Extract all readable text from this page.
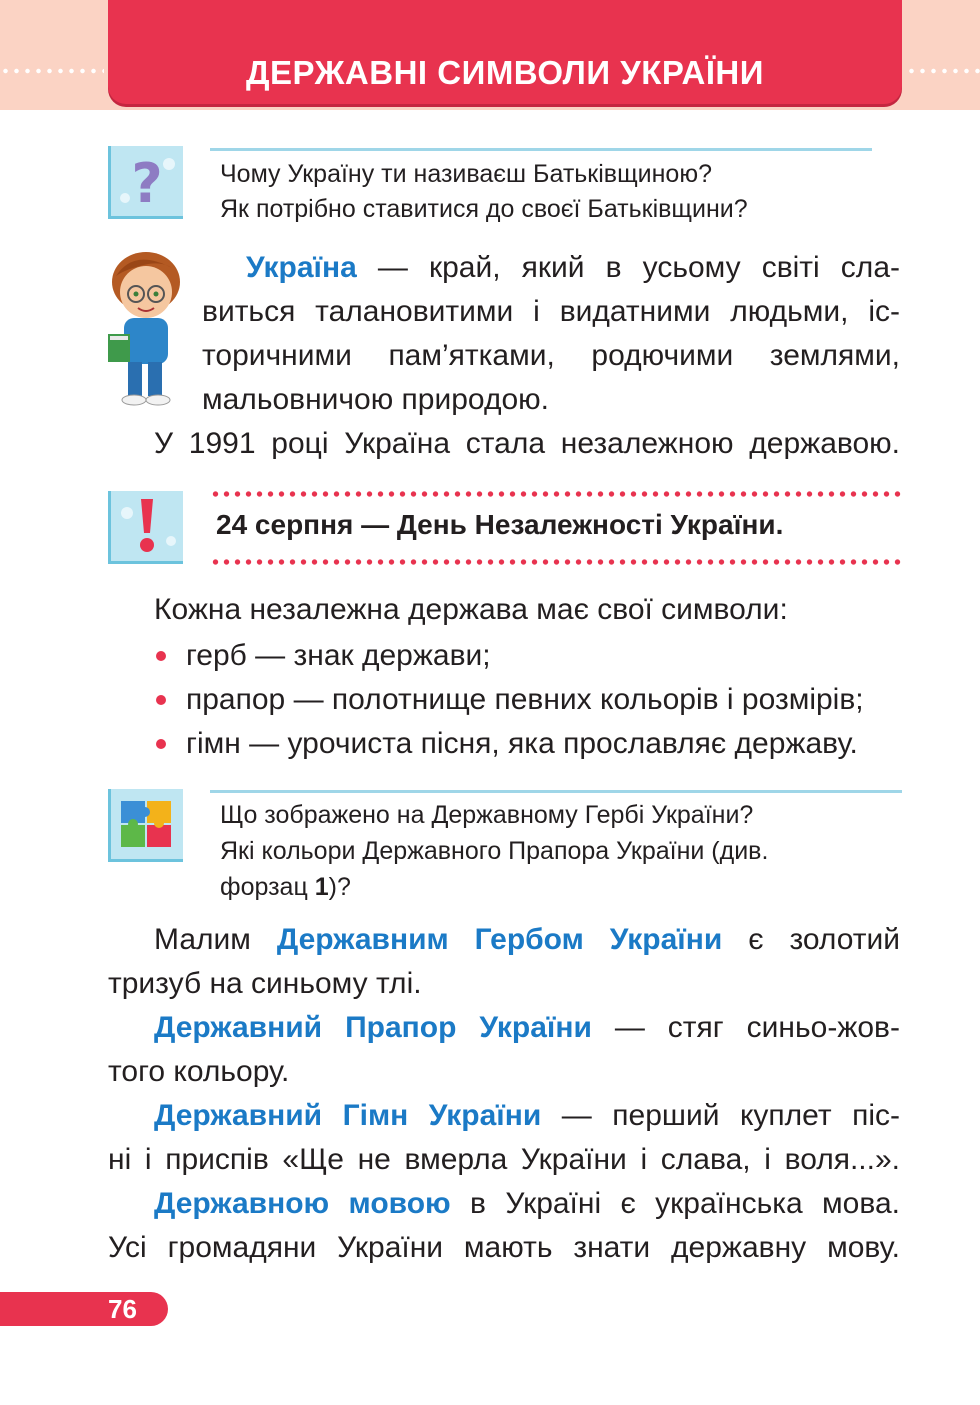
ДЕРЖАВНІ СИМВОЛИ УКРАЇНИ
? Чому Україну ти називаєш Батьківщиною?
Як потрібно ставитися до своєї Батьківщини?
Україна — край, який в усьому світі сла-
виться талановитими і видатними людьми, іс-
торичними пам’ятками, родючими землями,
мальовничою природою.
У 1991 році Україна стала незалежною державою.
24 серпня — День Незалежності України.
Кожна незалежна держава має свої символи:
герб — знак держави;
прапор — полотнище певних кольорів і розмірів;
гімн — урочиста пісня, яка прославляє державу.
Що зображено на Державному Гербі України?
Які кольори Державного Прапора України (див.
форзац 1)?
Малим Державним Гербом України є золотий
тризуб на синьому тлі.
Державний Прапор України — стяг синьо-жов-
того кольору.
Державний Гімн України — перший куплет піс-
ні і приспів «Ще не вмерла України і слава, і воля...».
Державною мовою в Україні є українська мова.
Усі громадяни України мають знати державну мову.
76
